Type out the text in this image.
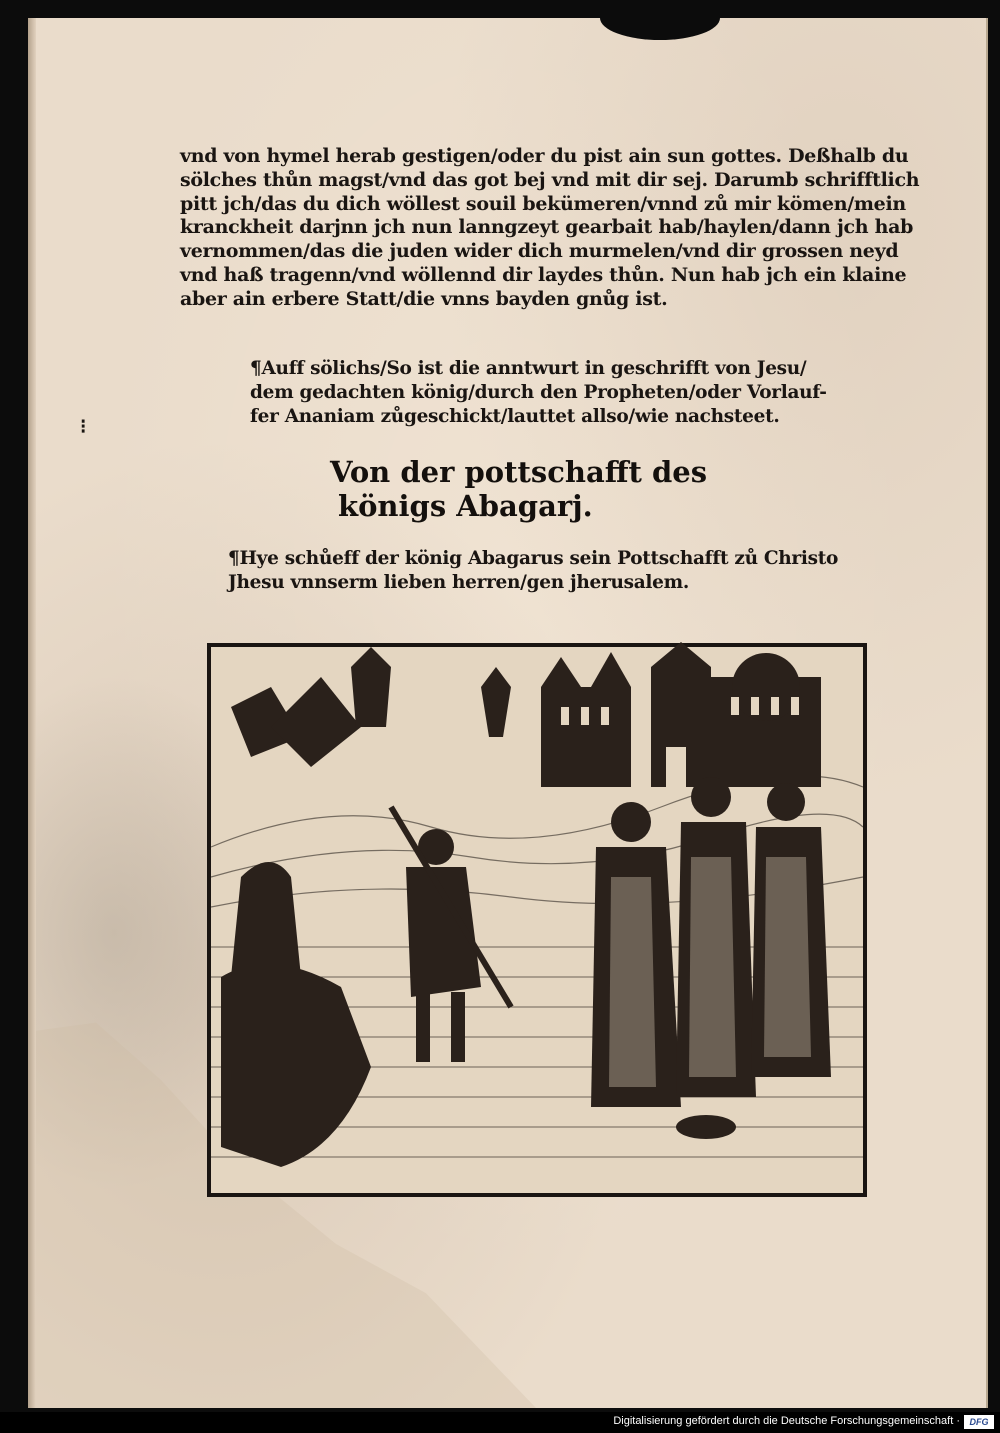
vnd von hymel herab gestigen/oder du pist ain sun gottes. Deßhalb du
sölches thůn magst/vnd das got bej vnd mit dir sej. Darumb schrifftlich
pitt jch/das du dich wöllest souil bekümeren/vnnd zů mir kömen/mein
kranckheit darjnn jch nun lanngzeyt gearbait hab/haylen/dann jch hab
vernommen/das die juden wider dich murmelen/vnd dir grossen neyd
vnd haß tragenn/vnd wöllennd dir laydes thůn. Nun hab jch ein klaine
aber ain erbere Statt/die vnns bayden gnůg ist.
¶Auff sölichs/So ist die anntwurt in geschrifft von Jesu/
dem gedachten könig/durch den Propheten/oder Vorlauf-
fer Ananiam zůgeschickt/lauttet allso/wie nachsteet.
⁝
Von der pottschafft des
königs Abagarj.
¶Hye schůeff der könig Abagarus sein Pottschafft zů Christo
Jhesu vnnserm lieben herren/gen jherusalem.
Digitalisierung gefördert durch die Deutsche Forschungsgemeinschaft ·	DFG
